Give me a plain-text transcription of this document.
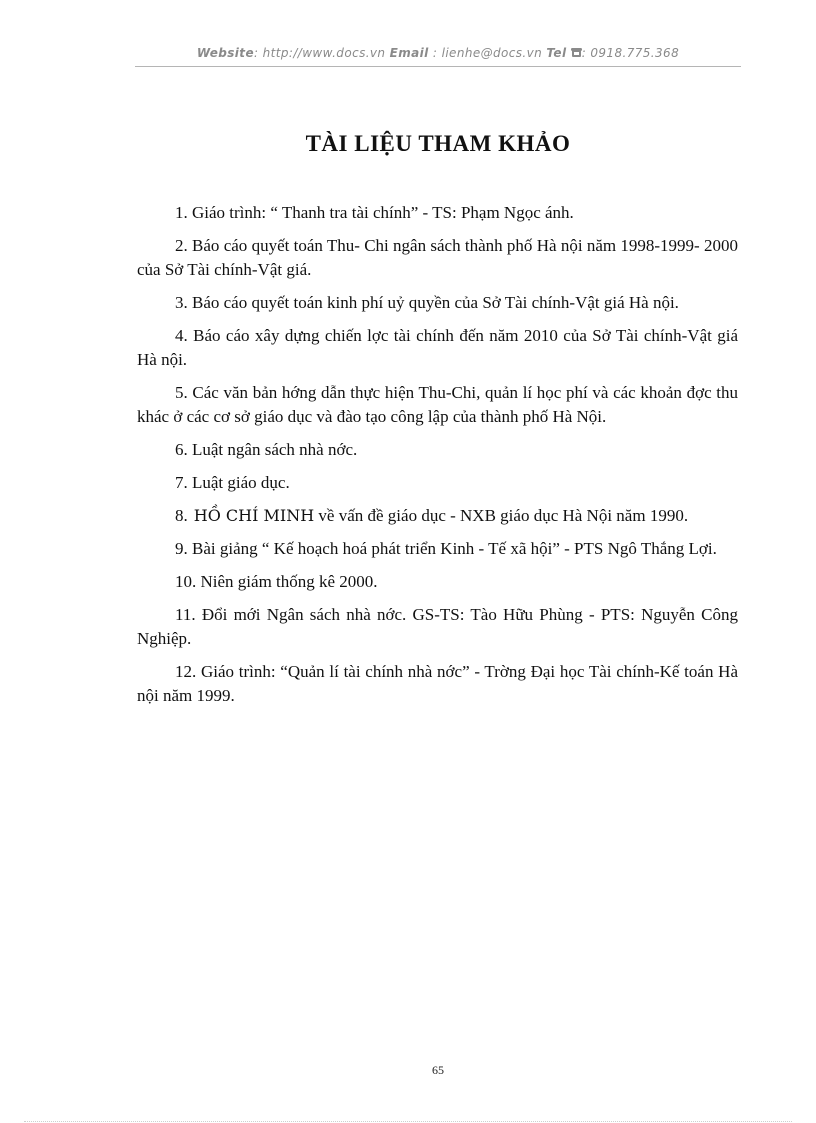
Website: http://www.docs.vn Email : lienhe@docs.vn Tel : 0918.775.368
TÀI LIỆU THAM KHẢO
1. Giáo trình: “ Thanh tra tài chính” - TS: Phạm Ngọc ánh.
2. Báo cáo quyết toán Thu- Chi ngân sách thành phố Hà nội năm 1998-1999- 2000 của Sở Tài chính-Vật giá.
3. Báo cáo quyết toán kinh phí uỷ quyền của Sở Tài chính-Vật giá Hà nội.
4. Báo cáo xây dựng chiến lợc tài chính đến năm 2010 của Sở Tài chính-Vật giá Hà nội.
5. Các văn bản hớng dẫn thực hiện Thu-Chi, quản lí học phí và các khoản đợc thu khác ở các cơ sở giáo dục và đào tạo công lập của thành phố Hà Nội.
6. Luật ngân sách nhà nớc.
7. Luật giáo dục.
8. HỒ CHÍ MINH về vấn đề giáo dục - NXB giáo dục Hà Nội năm 1990.
9. Bài giảng “ Kế hoạch hoá phát triển Kinh - Tế xã hội” - PTS Ngô Thắng Lợi.
10. Niên giám thống kê 2000.
11. Đổi mới Ngân sách nhà nớc. GS-TS: Tào Hữu Phùng - PTS: Nguyễn Công Nghiệp.
12. Giáo trình: “Quản lí tài chính nhà nớc” - Trờng Đại học Tài chính-Kế toán Hà nội năm 1999.
65
